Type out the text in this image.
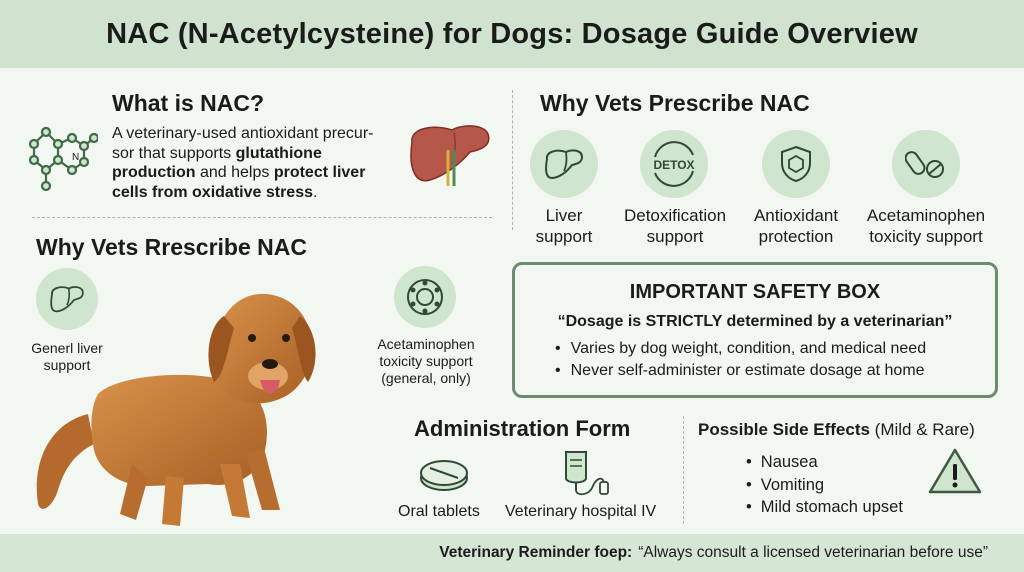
NAC (N-Acetylcysteine) for Dogs: Dosage Guide Overview
N
What is NAC?
A veterinary-used antioxidant precur-
sor that supports glutathione
production and helps protect liver
cells from oxidative stress.
Why Vets Prescribe NAC
Liver
support
DETOX
Detoxification
support
Antioxidant
protection
Acetaminophen
toxicity support
Why Vets Rrescribe NAC
Generl liver
support
Acetaminophen
toxicity support
(general, only)
IMPORTANT SAFETY BOX
“Dosage is STRICTLY determined by a veterinarian”
• Varies by dog weight, condition, and medical need
• Never self-administer or estimate dosage at home
Administration Form
Oral tablets Veterinary hospital IV
Possible Side Effects (Mild & Rare)
• Nausea
• Vomiting
• Mild stomach upset
Veterinary Reminder foep: “Always consult a licensed veterinarian before use”
